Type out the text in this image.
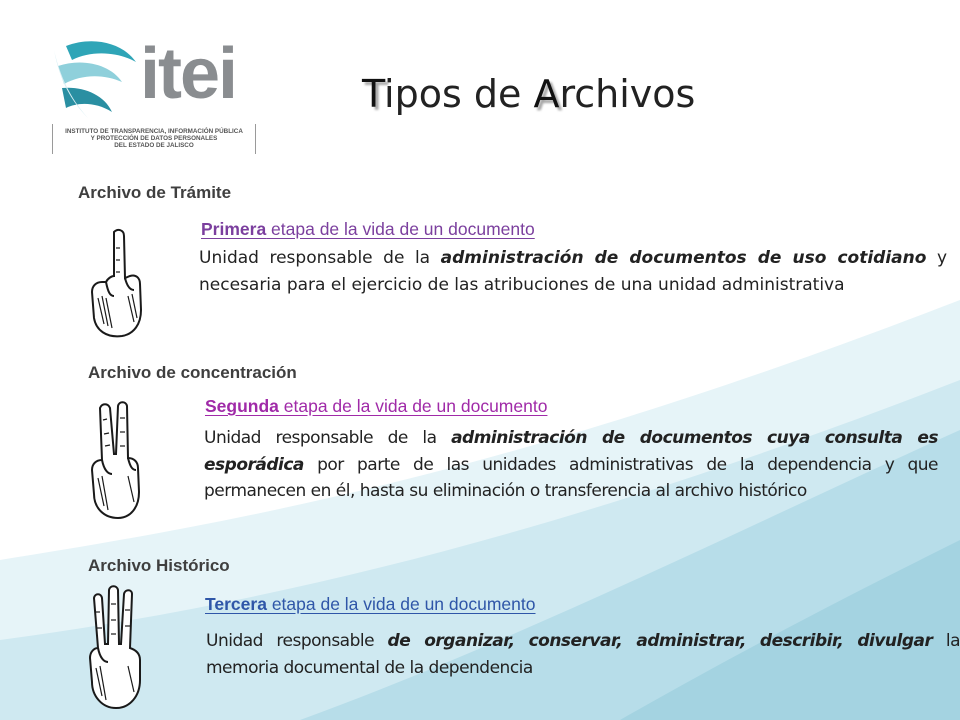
itei
INSTITUTO DE TRANSPARENCIA, INFORMACIÓN PÚBLICA
Y PROTECCIÓN DE DATOS PERSONALES
DEL ESTADO DE JALISCO
Tipos de Archivos
Archivo de Trámite
Primera etapa de la vida de un documento
Unidad responsable de la administración de documentos de uso cotidiano y necesaria para el ejercicio de las atribuciones de una unidad administrativa
Archivo de concentración
Segunda etapa de la vida de un documento
Unidad responsable de la administración de documentos cuya consulta es esporádica por parte de las unidades administrativas de la dependencia y que permanecen en él, hasta su eliminación o transferencia al archivo histórico
Archivo Histórico
Tercera etapa de la vida de un documento
Unidad responsable de organizar, conservar, administrar, describir, divulgar la memoria documental de la dependencia
